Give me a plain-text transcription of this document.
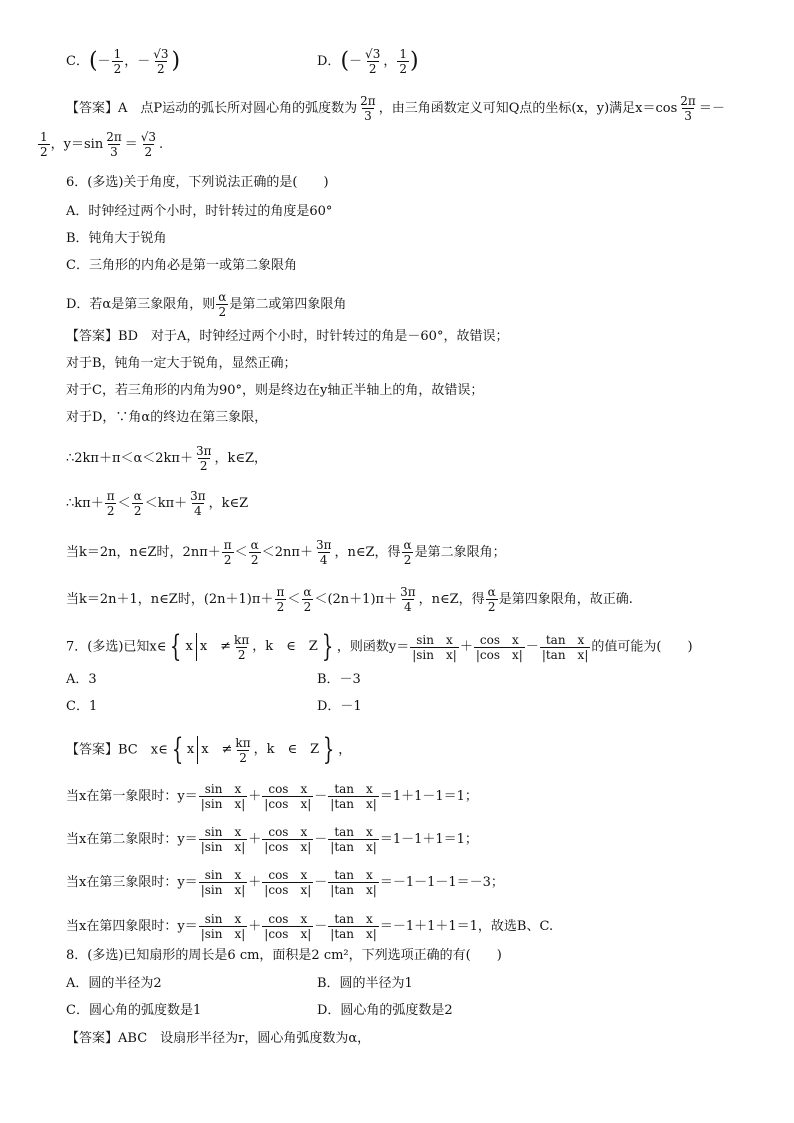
C．(－ $\frac{1}{2}$ ，－ $\frac{√3}{2}$ )	D．(－ $\frac{√3}{2}$ ， $\frac{1}{2}$ )
【答案】A　 点P运动的弧长所对圆心角的弧度数为 $\frac{2\pi}{3}$ ，由三角函数定义可知Q点的坐标(x，y)满足$x=\cos \frac{2\pi}{3}$ ＝－
$\frac{1}{2}$ ，$y=\sin \frac{2\pi}{3} = \frac{√3}{2}$ .
6．(多选)关于角度，下列说法正确的是(　　)
A．时钟经过两个小时，时针转过的角度是60°
B．钝角大于锐角
C．三角形的内角必是第一或第二象限角
D．若α是第三象限角，则 $\frac{\alpha}{2}$ 是第二或第四象限角
【答案】BD　 对于A，时钟经过两个小时，时针转过的角是－60°，故错误；
对于B，钝角一定大于锐角，显然正确；
对于C，若三角形的内角为90°，则是终边在y轴正半轴上的角，故错误；
对于D，∵角α的终边在第三象限，
∴2kπ＋π＜α＜2kπ＋ $\frac{3\pi}{2}$ ，k∈Z，
∴kπ＋ $\frac{\pi}{2} < \frac{\alpha}{2} <k\pi+ \frac{3\pi}{4}$ ，k∈Z
当k＝2n，n∈Z时，$2n\pi+ \frac{\pi}{2} < \frac{\alpha}{2} <2n\pi+ \frac{3\pi}{4}$ ，n∈Z，得 $\frac{\alpha}{2}$ 是第二象限角；
当k＝2n＋1，n∈Z时，$(2n+1)\pi+ \frac{\pi}{2} < \frac{\alpha}{2} <(2n+1)\pi+ \frac{3\pi}{4}$ ，n∈Z，得 $\frac{\alpha}{2}$ 是第四象限角，故正确.
7．(多选)已知x∈ { x x　≠ $\frac{k\pi}{2}$ ，k　∈　Z } ，则函数$y= \frac{\text{sin　x}}{\text{|sin　x|}} + \frac{\text{cos　x}}{\text{|cos　x|}} - \frac{\text{tan　x}}{\text{|tan　x|}}$ 的值可能为(　　)
A．3	B．－3
C．1	D．－1
【答案】BC　 x∈ { x x　≠ $\frac{k\pi}{2}$ ，k　∈　Z } ，
当x在第一象限时：$y= \frac{\text{sin　x}}{\text{|sin　x|}} + \frac{\text{cos　x}}{\text{|cos　x|}} - \frac{\text{tan　x}}{\text{|tan　x|}} =1+1-1=1$；
当x在第二象限时：$y= \frac{\text{sin　x}}{\text{|sin　x|}} + \frac{\text{cos　x}}{\text{|cos　x|}} - \frac{\text{tan　x}}{\text{|tan　x|}} =1-1+1=1$；
当x在第三象限时：$y= \frac{\text{sin　x}}{\text{|sin　x|}} + \frac{\text{cos　x}}{\text{|cos　x|}} - \frac{\text{tan　x}}{\text{|tan　x|}} =-1-1-1=-3$；
当x在第四象限时：$y= \frac{\text{sin　x}}{\text{|sin　x|}} + \frac{\text{cos　x}}{\text{|cos　x|}} - \frac{\text{tan　x}}{\text{|tan　x|}} =-1+1+1=1$，故选B、C.
8．(多选)已知扇形的周长是6 cm，面积是2 cm²，下列选项正确的有(　　)
A．圆的半径为2	B．圆的半径为1
C．圆心角的弧度数是1	D．圆心角的弧度数是2
【答案】ABC　 设扇形半径为r，圆心角弧度数为α，
